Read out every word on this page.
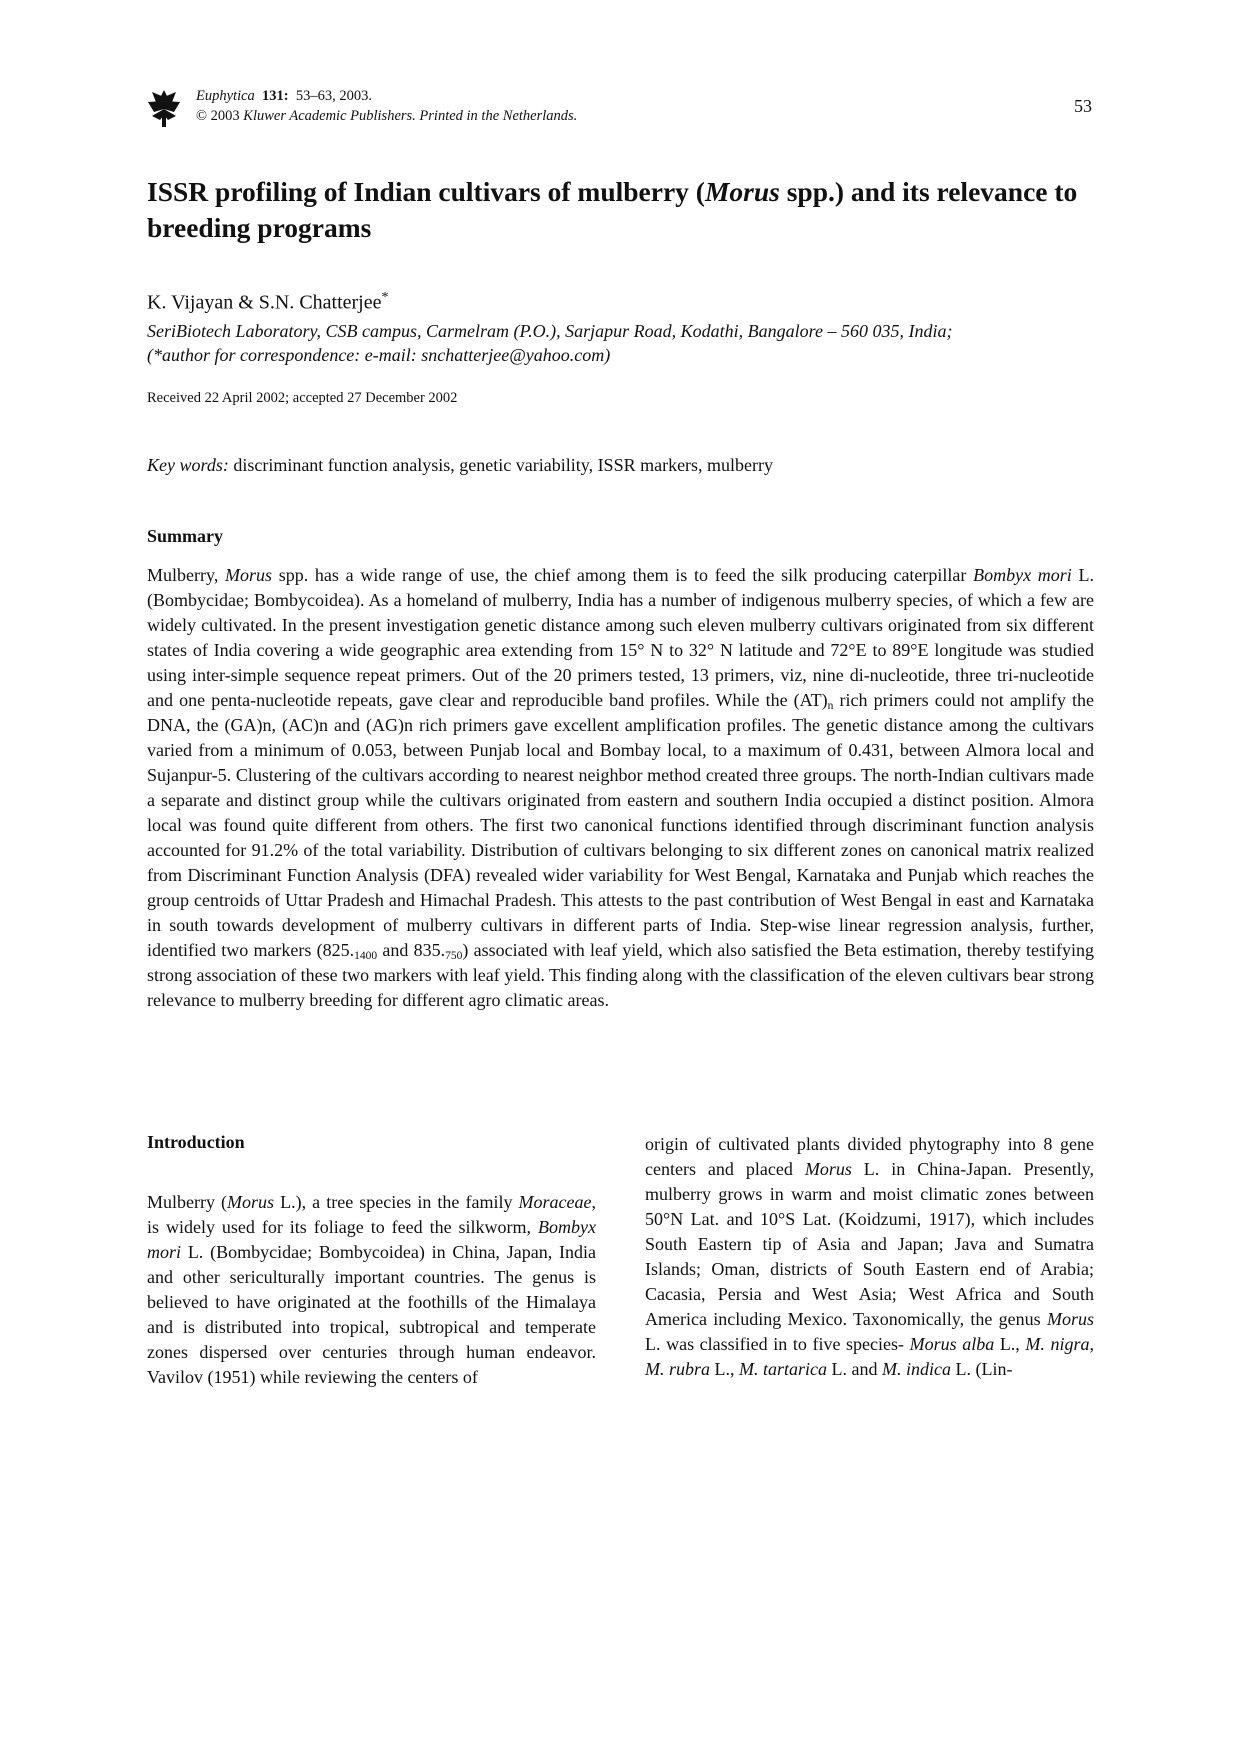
Euphytica 131: 53–63, 2003.
© 2003 Kluwer Academic Publishers. Printed in the Netherlands.	53
ISSR profiling of Indian cultivars of mulberry (Morus spp.) and its relevance to breeding programs
K. Vijayan & S.N. Chatterjee*
SeriBiotech Laboratory, CSB campus, Carmelram (P.O.), Sarjapur Road, Kodathi, Bangalore – 560 035, India;
(*author for correspondence: e-mail: snchatterjee@yahoo.com)
Received 22 April 2002; accepted 27 December 2002
Key words: discriminant function analysis, genetic variability, ISSR markers, mulberry
Summary

Mulberry, Morus spp. has a wide range of use, the chief among them is to feed the silk producing caterpillar Bombyx mori L. (Bombycidae; Bombycoidea). As a homeland of mulberry, India has a number of indigenous mulberry species, of which a few are widely cultivated. In the present investigation genetic distance among such eleven mulberry cultivars originated from six different states of India covering a wide geographic area extending from 15° N to 32° N latitude and 72°E to 89°E longitude was studied using inter-simple sequence repeat primers. Out of the 20 primers tested, 13 primers, viz, nine di-nucleotide, three tri-nucleotide and one penta-nucleotide repeats, gave clear and reproducible band profiles. While the $(AT)_n$ rich primers could not amplify the DNA, the (GA)n, (AC)n and (AG)n rich primers gave excellent amplification profiles. The genetic distance among the cultivars varied from a minimum of 0.053, between Punjab local and Bombay local, to a maximum of 0.431, between Almora local and Sujanpur-5. Clustering of the cultivars according to nearest neighbor method created three groups. The north-Indian cultivars made a separate and distinct group while the cultivars originated from eastern and southern India occupied a distinct position. Almora local was found quite different from others. The first two canonical functions identified through discriminant function analysis accounted for 91.2% of the total variability. Distribution of cultivars belonging to six different zones on canonical matrix realized from Discriminant Function Analysis (DFA) revealed wider variability for West Bengal, Karnataka and Punjab which reaches the group centroids of Uttar Pradesh and Himachal Pradesh. This attests to the past contribution of West Bengal in east and Karnataka in south towards development of mulberry cultivars in different parts of India. Step-wise linear regression analysis, further, identified two markers ($825._{1400}$ and $835._{750}$) associated with leaf yield, which also satisfied the Beta estimation, thereby testifying strong association of these two markers with leaf yield. This finding along with the classification of the eleven cultivars bear strong relevance to mulberry breeding for different agro climatic areas.

Introduction

Mulberry (Morus L.), a tree species in the family Moraceae, is widely used for its foliage to feed the silkworm, Bombyx mori L. (Bombycidae; Bombycoidea) in China, Japan, India and other sericulturally important countries. The genus is believed to have originated at the foothills of the Himalaya and is distributed into tropical, subtropical and temperate zones dispersed over centuries through human endeavor. Vavilov (1951) while reviewing the centers of

origin of cultivated plants divided phytography into 8 gene centers and placed Morus L. in China-Japan. Presently, mulberry grows in warm and moist climatic zones between 50°N Lat. and 10°S Lat. (Koidzumi, 1917), which includes South Eastern tip of Asia and Japan; Java and Sumatra Islands; Oman, districts of South Eastern end of Arabia; Cacasia, Persia and West Asia; West Africa and South America including Mexico. Taxonomically, the genus Morus L. was classified in to five species- Morus alba L., M. nigra, M. rubra L., M. tartarica L. and M. indica L. (Lin-
